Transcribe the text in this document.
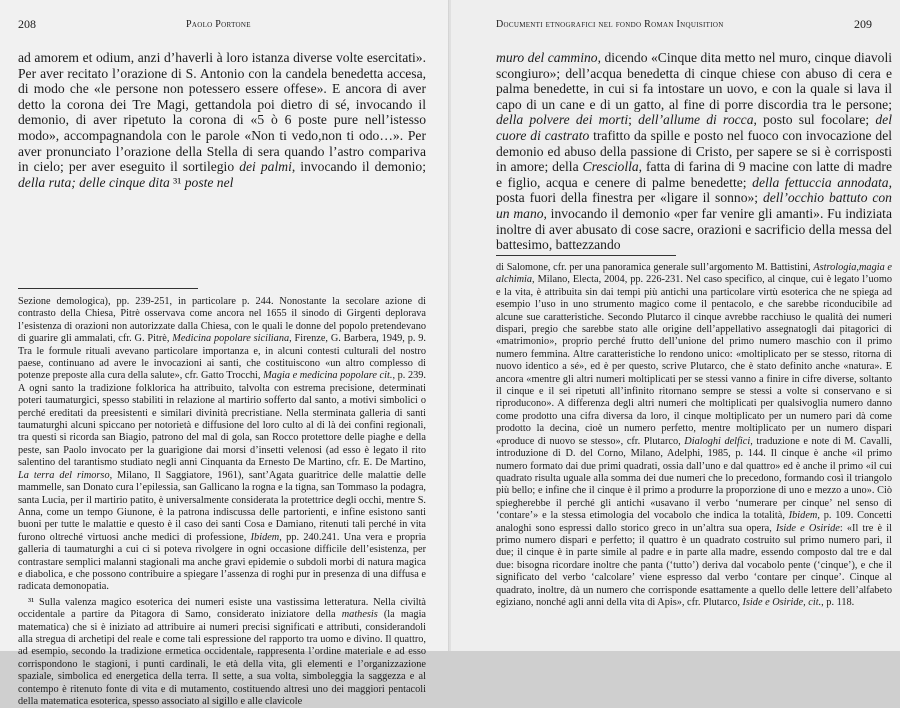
208	Paolo Portone

ad amorem et odium, anzi d’haverli à loro istanza diverse volte esercitati». Per aver recitato l’orazione di S. Antonio con la candela benedetta accesa, di modo che «le persone non potessero essere offese». E ancora di aver detto la corona dei Tre Magi, gettandola poi dietro di sé, invocando il demonio, di aver ripetuto la corona di «5 ò 6 poste pure nell’istesso modo», accompagnandola con le parole «Non ti vedo,non ti odo…». Per aver pronunciato l’orazione della Stella di sera quando l’astro compariva in cielo; per aver eseguito il sortilegio dei palmi, invocando il demonio; della ruta; delle cinque dita ³¹ poste nel

Sezione demologica), pp. 239-251, in particolare p. 244. Nonostante la secolare azione di contrasto della Chiesa, Pitrè osservava come ancora nel 1655 il sinodo di Girgenti deplorava l’esistenza di orazioni non autorizzate dalla Chiesa, con le quali le donne del popolo pretendevano di guarire gli ammalati, cfr. G. Pitrè, Medicina popolare siciliana, Firenze, G. Barbera, 1949, p. 9. Tra le formule rituali avevano particolare importanza e, in alcuni contesti culturali del nostro paese, continuano ad avere le invocazioni ai santi, che costituiscono «un altro complesso di potenze preposte alla cura della salute», cfr. Gatto Trocchi, Magia e medicina popolare cit., p. 239. A ogni santo la tradizione folklorica ha attribuito, talvolta con estrema precisione, determinati poteri taumaturgici, spesso stabiliti in relazione al martirio sofferto dal santo, a motivi simbolici o perché ereditati da preesistenti e similari divinità precristiane. Nella sterminata galleria di santi taumaturghi alcuni spiccano per notorietà e diffusione del loro culto al di là dei confini regionali, tra questi si ricorda san Biagio, patrono del mal di gola, san Rocco protettore delle piaghe e della peste, san Paolo invocato per la guarigione dai morsi d’insetti velenosi (ad esso è legato il rito salentino del tarantismo studiato negli anni Cinquanta da Ernesto De Martino, cfr. E. De Martino, La terra del rimorso, Milano, Il Saggiatore, 1961), sant’Agata guaritrice delle malattie delle mammelle, san Donato cura l’epilessia, san Gallicano la rogna e la tigna, san Tommaso la podagra, santa Lucia, per il martirio patito, è universalmente considerata la protettrice degli occhi, mentre S. Anna, come un tempo Giunone, è la patrona indiscussa delle partorienti, e infine esistono santi buoni per tutte le malattie e questo è il caso dei santi Cosa e Damiano, ritenuti tali perché in vita furono oltreché virtuosi anche medici di professione, Ibidem, pp. 240.241. Una vera e propria galleria di taumaturghi a cui ci si poteva rivolgere in ogni occasione difficile dell’esistenza, per contrastare semplici malanni stagionali ma anche gravi epidemie o subdoli morbi di natura magica e diabolica, e che possono contribuire a spiegare l’assenza di roghi pur in presenza di una diffusa e radicata demonopatia.

³¹ Sulla valenza magico esoterica dei numeri esiste una vastissima letteratura. Nella civiltà occidentale a partire da Pitagora di Samo, considerato iniziatore della mathesis (la magia matematica) che si è iniziato ad attribuire ai numeri precisi significati e attributi, considerandoli alla stregua di archetipi del reale e come tali espressione del rapporto tra uomo e divino. Il quattro, ad esempio, secondo la tradizione ermetica occidentale, rappresenta l’ordine materiale e ad esso corrispondono le stagioni, i punti cardinali, le età della vita, gli elementi e l’organizzazione spaziale, simbolica ed energetica della terra. Il sette, a sua volta, simboleggia la saggezza e al contempo è ritenuto fonte di vita e di mutamento, costituendo altresì uno dei maggiori pentacoli della matematica esoterica, spesso associato al sigillo e alle clavicole

Documenti etnografici nel fondo Roman Inquisition	209

muro del cammino, dicendo «Cinque dita metto nel muro, cinque diavoli scongiuro»; dell’acqua benedetta di cinque chiese con abuso di cera e palma benedette, in cui si fa intostare un uovo, e con la quale si lava il capo di un cane e di un gatto, al fine di porre discordia tra le persone; della polvere dei morti; dell’allume di rocca, posto sul focolare; del cuore di castrato trafitto da spille e posto nel fuoco con invocazione del demonio ed abuso della passione di Cristo, per sapere se si è corrisposti in amore; della Cresciolla, fatta di farina di 9 macine con latte di madre e figlio, acqua e cenere di palme benedette; della fettuccia annodata, posta fuori della finestra per «ligare il sonno»; dell’occhio battuto con un mano, invocando il demonio «per far venire gli amanti». Fu indiziata inoltre di aver abusato di cose sacre, orazioni e sacrificio della messa del battesimo, battezzando

di Salomone, cfr. per una panoramica generale sull’argomento M. Battistini, Astrologia,magia e alchimia, Milano, Electa, 2004, pp. 226-231. Nel caso specifico, al cinque, cui è legato l’uomo e la vita, è attribuita sin dai tempi più antichi una particolare virtù esoterica che ne spiega ad esempio l’uso in uno strumento magico come il pentacolo, e che sarebbe riconducibile ad alcune sue caratteristiche. Secondo Plutarco il cinque avrebbe racchiuso le qualità dei numeri dispari, pregio che sarebbe stato alle origine dell’appellativo assegnatogli dai pitagorici di «matrimonio», proprio perché frutto dell’unione del primo numero maschio con il primo numero femmina. Altre caratteristiche lo rendono unico: «moltiplicato per se stesso, ritorna di nuovo identico a sé», ed è per questo, scrive Plutarco, che è stato definito anche «natura». E ancora «mentre gli altri numeri moltiplicati per se stessi vanno a finire in cifre diverse, soltanto il cinque e il sei ripetuti all’infinito ritornano sempre se stessi a volte si conservano e si riproducono». A differenza degli altri numeri che moltiplicati per qualsivoglia numero danno come prodotto una cifra diversa da loro, il cinque moltiplicato per un numero pari dà come prodotto la decina, cioè un numero perfetto, mentre moltiplicato per un numero dispari «produce di nuovo se stesso», cfr. Plutarco, Dialoghi delfici, traduzione e note di M. Cavalli, introduzione di D. del Corno, Milano, Adelphi, 1985, p. 144. Il cinque è anche «il primo numero formato dai due primi quadrati, ossia dall’uno e dal quattro» ed è anche il primo «il cui quadrato risulta uguale alla somma dei due numeri che lo precedono, formando così il triangolo più bello; e infine che il cinque è il primo a produrre la proporzione di uno e mezzo a uno». Ciò spiegherebbe il perché gli antichi «usavano il verbo ‘numerare per cinque’ nel senso di ‘contare’» e la stessa etimologia del vocabolo che indica la totalità, Ibidem, p. 109. Concetti analoghi sono espressi dallo storico greco in un’altra sua opera, Iside e Osiride: «Il tre è il primo numero dispari e perfetto; il quattro è un quadrato costruito sul primo numero pari, il due; il cinque è in parte simile al padre e in parte alla madre, essendo composto dal tre e dal due: bisogna ricordare inoltre che panta (‘tutto’) deriva dal vocabolo pente (‘cinque’), e che il significato del verbo ‘calcolare’ viene espresso dal verbo ‘contare per cinque’. Cinque al quadrato, inoltre, dà un numero che corrisponde esattamente a quello delle lettere dell’alfabeto egiziano, nonché agli anni della vita di Apis», cfr. Plutarco, Iside e Osiride, cit., p. 118.
